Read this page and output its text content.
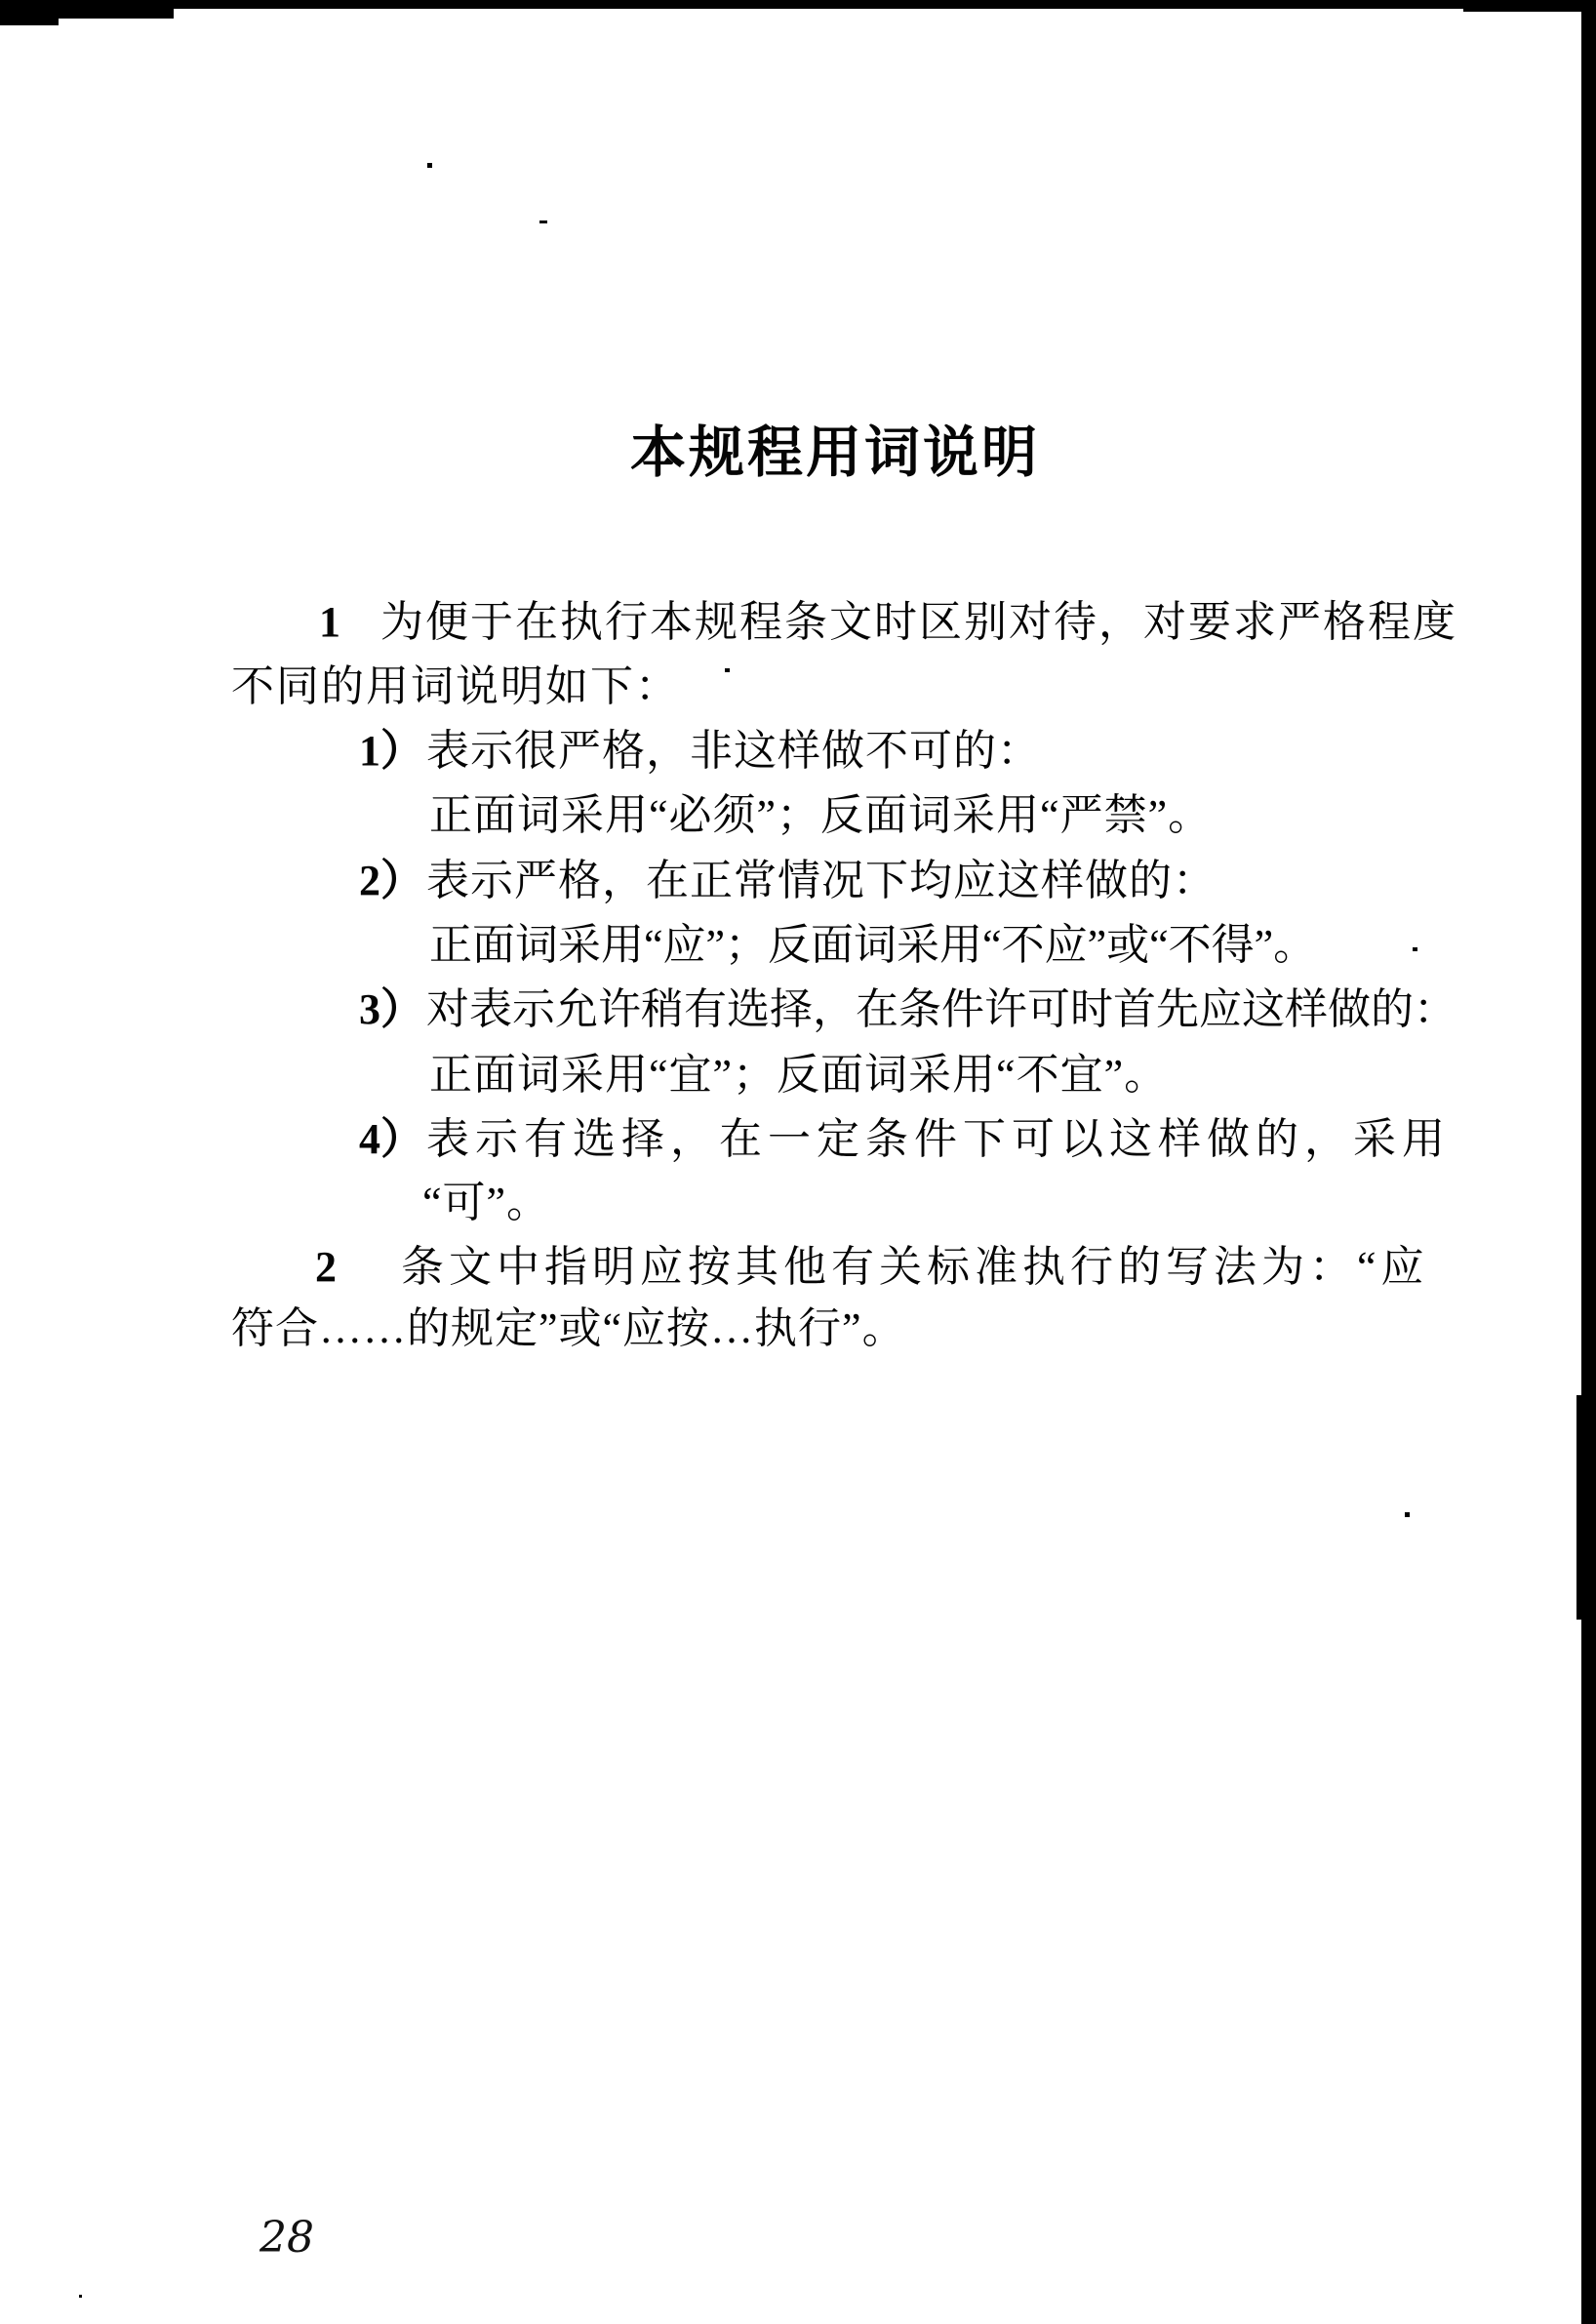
本规程用词说明
1 为便于在执行本规程条文时区别对待，对要求严格程度
不同的用词说明如下：
1）表示很严格，非这样做不可的：
正面词采用“必须”；反面词采用“严禁”。
2）表示严格，在正常情况下均应这样做的：
正面词采用“应”；反面词采用“不应”或“不得”。
3）对表示允许稍有选择，在条件许可时首先应这样做的：
正面词采用“宜”；反面词采用“不宜”。
4）表示有选择，在一定条件下可以这样做的，采用
“可”。
2 条文中指明应按其他有关标准执行的写法为：“应
符合……的规定”或“应按…执行”。
28
